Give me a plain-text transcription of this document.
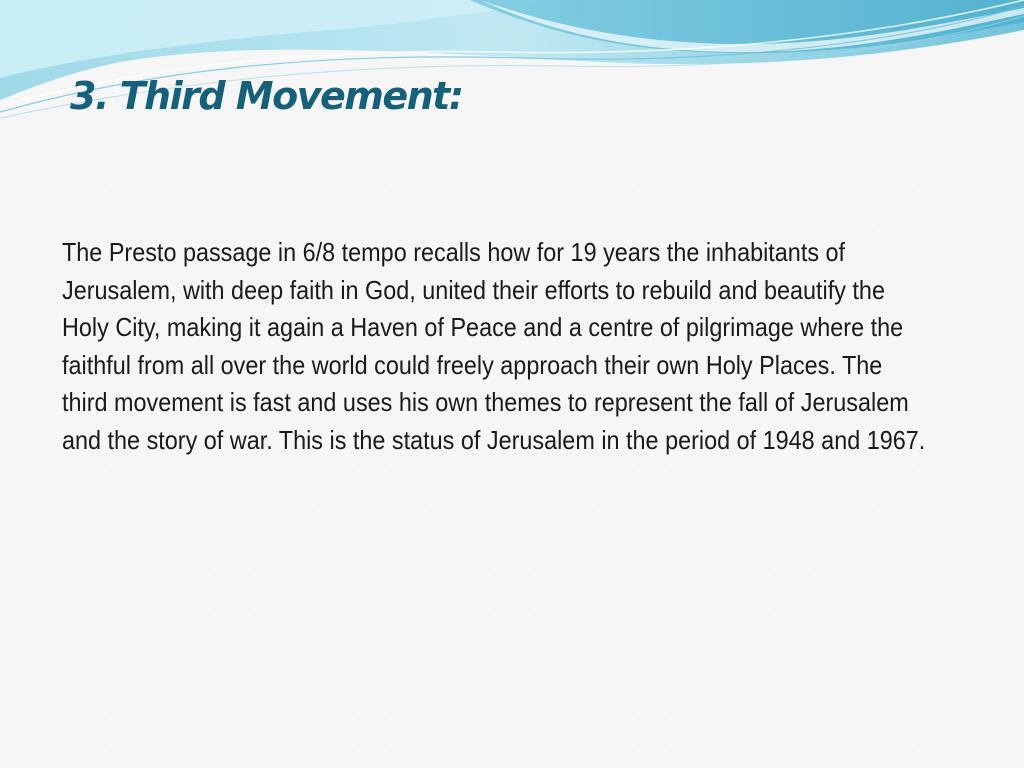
3. Third Movement:

The Presto passage in 6/8 tempo recalls how for 19 years the inhabitants of Jerusalem, with deep faith in God, united their efforts to rebuild and beautify the Holy City, making it again a Haven of Peace and a centre of pilgrimage where the faithful from all over the world could freely approach their own Holy Places. The third movement is fast and uses his own themes to represent the fall of Jerusalem and the story of war. This is the status of Jerusalem in the period of 1948 and 1967.
